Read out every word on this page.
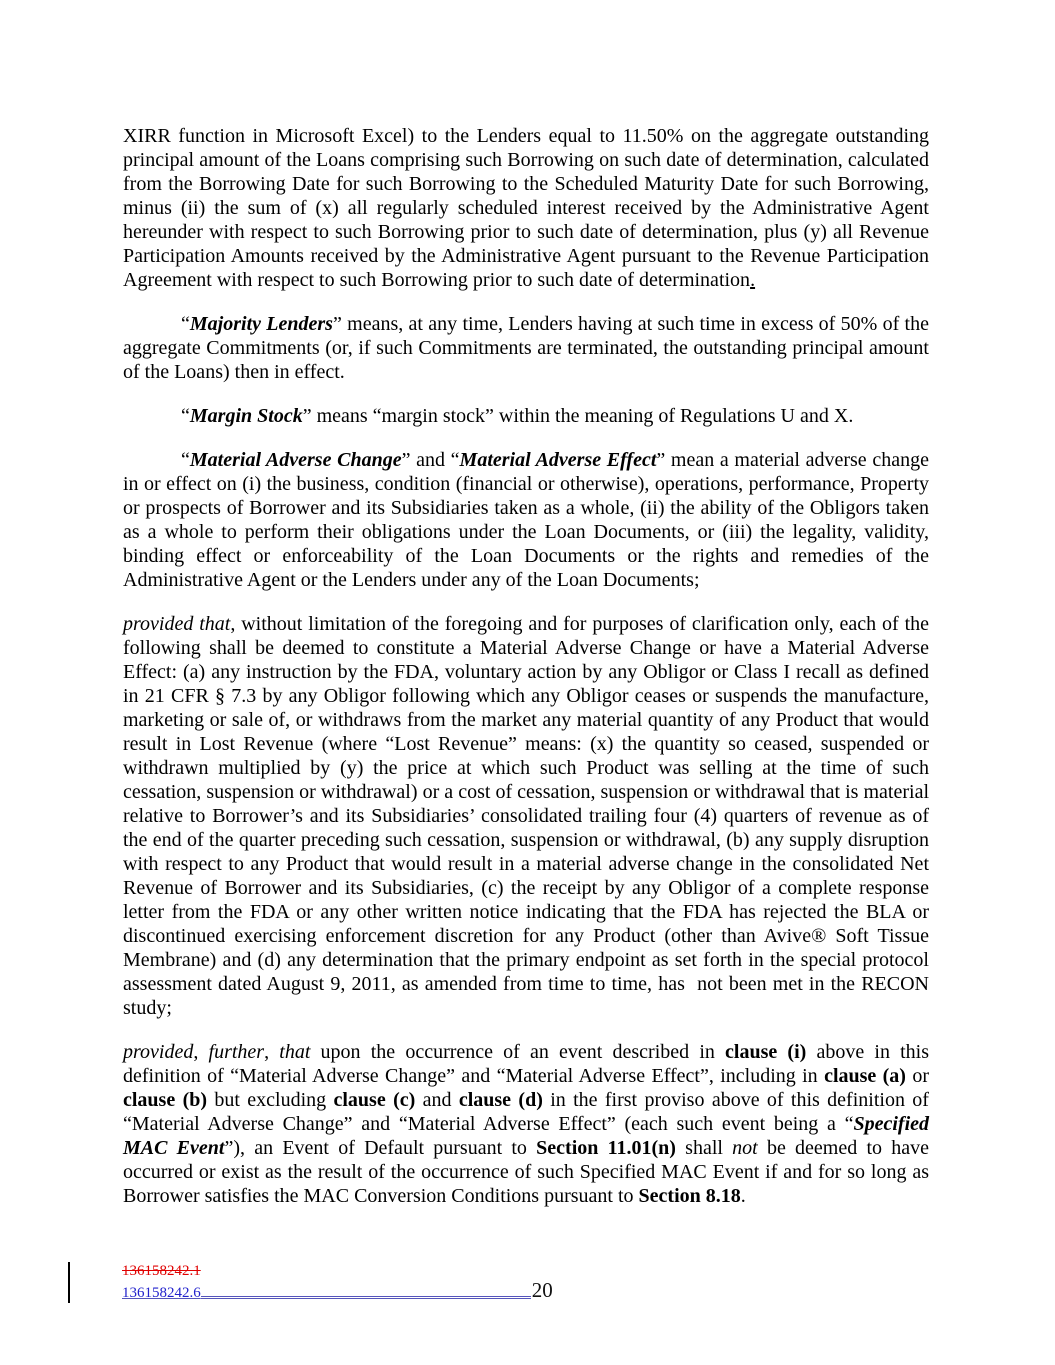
XIRR function in Microsoft Excel) to the Lenders equal to 11.50% on the aggregate outstanding principal amount of the Loans comprising such Borrowing on such date of determination, calculated from the Borrowing Date for such Borrowing to the Scheduled Maturity Date for such Borrowing, minus (ii) the sum of (x) all regularly scheduled interest received by the Administrative Agent hereunder with respect to such Borrowing prior to such date of determination, plus (y) all Revenue Participation Amounts received by the Administrative Agent pursuant to the Revenue Participation Agreement with respect to such Borrowing prior to such date of determination.

“Majority Lenders” means, at any time, Lenders having at such time in excess of 50% of the aggregate Commitments (or, if such Commitments are terminated, the outstanding principal amount of the Loans) then in effect.

“Margin Stock” means “margin stock” within the meaning of Regulations U and X.

“Material Adverse Change” and “Material Adverse Effect” mean a material adverse change in or effect on (i) the business, condition (financial or otherwise), operations, performance, Property or prospects of Borrower and its Subsidiaries taken as a whole, (ii) the ability of the Obligors taken as a whole to perform their obligations under the Loan Documents, or (iii) the legality, validity, binding effect or enforceability of the Loan Documents or the rights and remedies of the Administrative Agent or the Lenders under any of the Loan Documents;

provided that, without limitation of the foregoing and for purposes of clarification only, each of the following shall be deemed to constitute a Material Adverse Change or have a Material Adverse Effect: (a) any instruction by the FDA, voluntary action by any Obligor or Class I recall as defined in 21 CFR § 7.3 by any Obligor following which any Obligor ceases or suspends the manufacture, marketing or sale of, or withdraws from the market any material quantity of any Product that would result in Lost Revenue (where “Lost Revenue” means: (x) the quantity so ceased, suspended or withdrawn multiplied by (y) the price at which such Product was selling at the time of such cessation, suspension or withdrawal) or a cost of cessation, suspension or withdrawal that is material relative to Borrower’s and its Subsidiaries’ consolidated trailing four (4) quarters of revenue as of the end of the quarter preceding such cessation, suspension or withdrawal, (b) any supply disruption with respect to any Product that would result in a material adverse change in the consolidated Net Revenue of Borrower and its Subsidiaries, (c) the receipt by any Obligor of a complete response letter from the FDA or any other written notice indicating that the FDA has rejected the BLA or discontinued exercising enforcement discretion for any Product (other than Avive® Soft Tissue Membrane) and (d) any determination that the primary endpoint as set forth in the special protocol assessment dated August 9, 2011, as amended from time to time, has  not been met in the RECON study;

provided, further, that upon the occurrence of an event described in clause (i) above in this definition of “Material Adverse Change” and “Material Adverse Effect”, including in clause (a) or clause (b) but excluding clause (c) and clause (d) in the first proviso above of this definition of “Material Adverse Change” and “Material Adverse Effect” (each such event being a “Specified MAC Event”), an Event of Default pursuant to Section 11.01(n) shall not be deemed to have occurred or exist as the result of the occurrence of such Specified MAC Event if and for so long as Borrower satisfies the MAC Conversion Conditions pursuant to Section 8.18.

136158242.1
136158242.6	20
